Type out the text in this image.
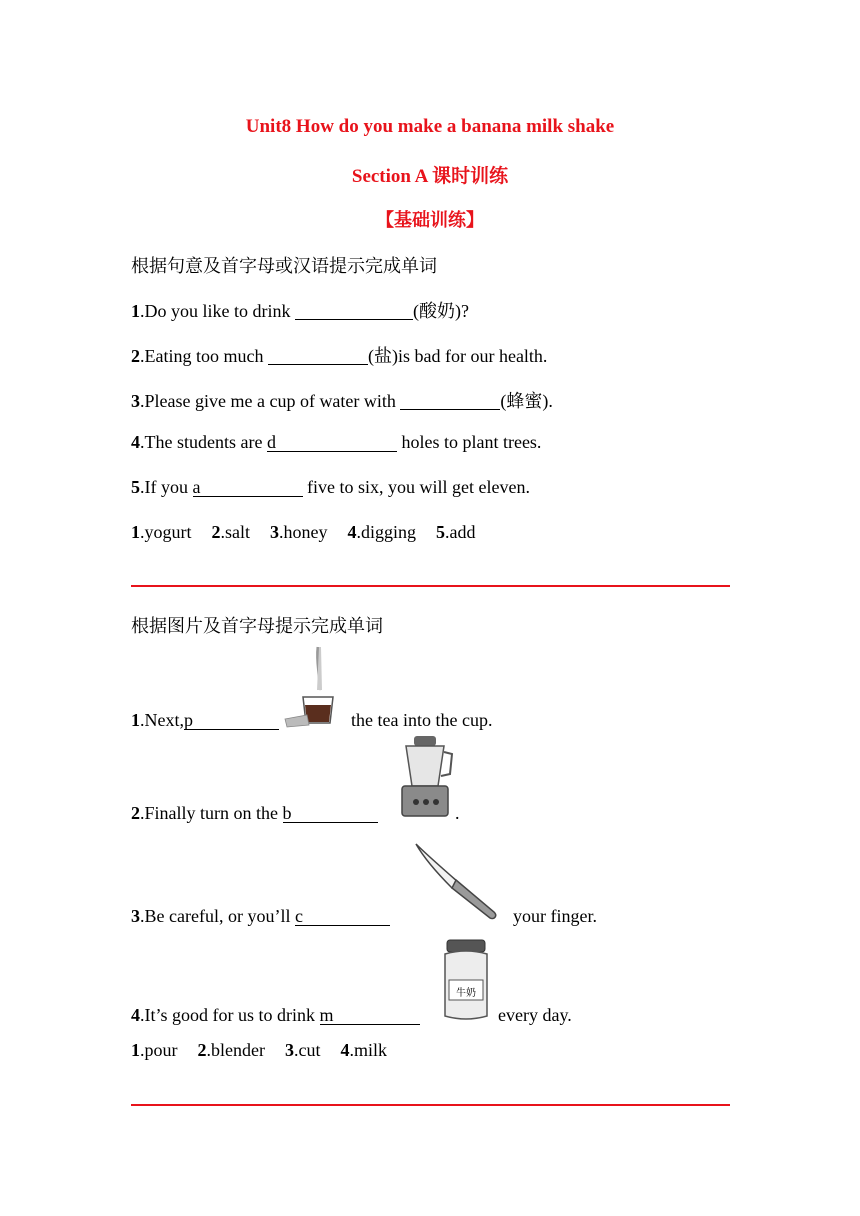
Unit8 How do you make a banana milk shake
Section A 课时训练
【基础训练】
根据句意及首字母或汉语提示完成单词
1.Do you like to drink	(酸奶)?
2.Eating too much	(盐)is bad for our health.
3.Please give me a cup of water with	(蜂蜜).
4.The students are d	holes to plant trees.
5.If you a	five to six, you will get eleven.
1.yogurt 2.salt 3.honey 4.digging 5.add
根据图片及首字母提示完成单词
1.Next,p	the tea into the cup.
2.Finally turn on the b	.
3.Be careful, or you’ll c	your finger.
4.It’s good for us to drink m	every day.
牛奶
1.pour 2.blender 3.cut 4.milk
